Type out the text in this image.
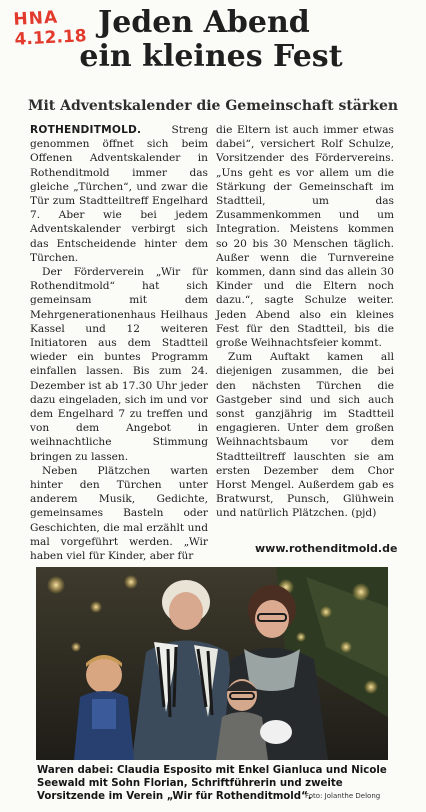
HNA
4.12.18 Jeden Abend
ein kleines Fest
Mit Adventskalender die Gemeinschaft stärken

ROTHENDITMOLD.	Streng genommen öffnet sich beim Offenen Adventskalender in Rothenditmold immer das gleiche „Türchen“, und zwar die Tür zum Stadtteiltreff Engelhard 7. Aber wie bei jedem Adventskalender verbirgt sich das Entscheidende hinter dem Türchen.

Der Förderverein „Wir für Rothenditmold“ hat sich gemeinsam mit dem Mehrgenerationenhaus Heilhaus Kassel und 12 weiteren Initiatoren aus dem Stadtteil wieder ein buntes Programm einfallen lassen. Bis zum 24. Dezember ist ab 17.30 Uhr jeder dazu eingeladen, sich im und vor dem Engelhard 7 zu treffen und von dem Angebot in weihnachtliche Stimmung bringen zu lassen.

Neben Plätzchen warten hinter den Türchen unter anderem Musik, Gedichte, gemeinsames Basteln oder Geschichten, die mal erzählt und mal vorgeführt werden. „Wir haben viel für Kinder, aber für

die Eltern ist auch immer etwas dabei“, versichert Rolf Schulze, Vorsitzender des Fördervereins. „Uns geht es vor allem um die Stärkung der Gemeinschaft im Stadtteil, um das Zusammenkommen und um Integration. Meistens kommen so 20 bis 30 Menschen täglich. Außer wenn die Turnvereine kommen, dann sind das allein 30 Kinder und die Eltern noch dazu.“, sagte Schulze weiter. Jeden Abend also ein kleines Fest für den Stadtteil, bis die große Weihnachtsfeier kommt.

Zum Auftakt kamen all diejenigen zusammen, die bei den nächsten Türchen die Gastgeber sind und sich auch sonst ganzjährig im Stadtteil engagieren. Unter dem großen Weihnachtsbaum vor dem Stadtteiltreff lauschten sie am ersten Dezember dem Chor Horst Mengel. Außerdem gab es Bratwurst, Punsch, Glühwein und natürlich Plätzchen. (pjd)

www.rothenditmold.de
Waren dabei: Claudia Esposito mit Enkel Gianluca und Nicole Seewald mit Sohn Florian, Schriftführerin und zweite Vorsitzende im Verein „Wir für Rothenditmold“.
Foto: Jolanthe Delong
